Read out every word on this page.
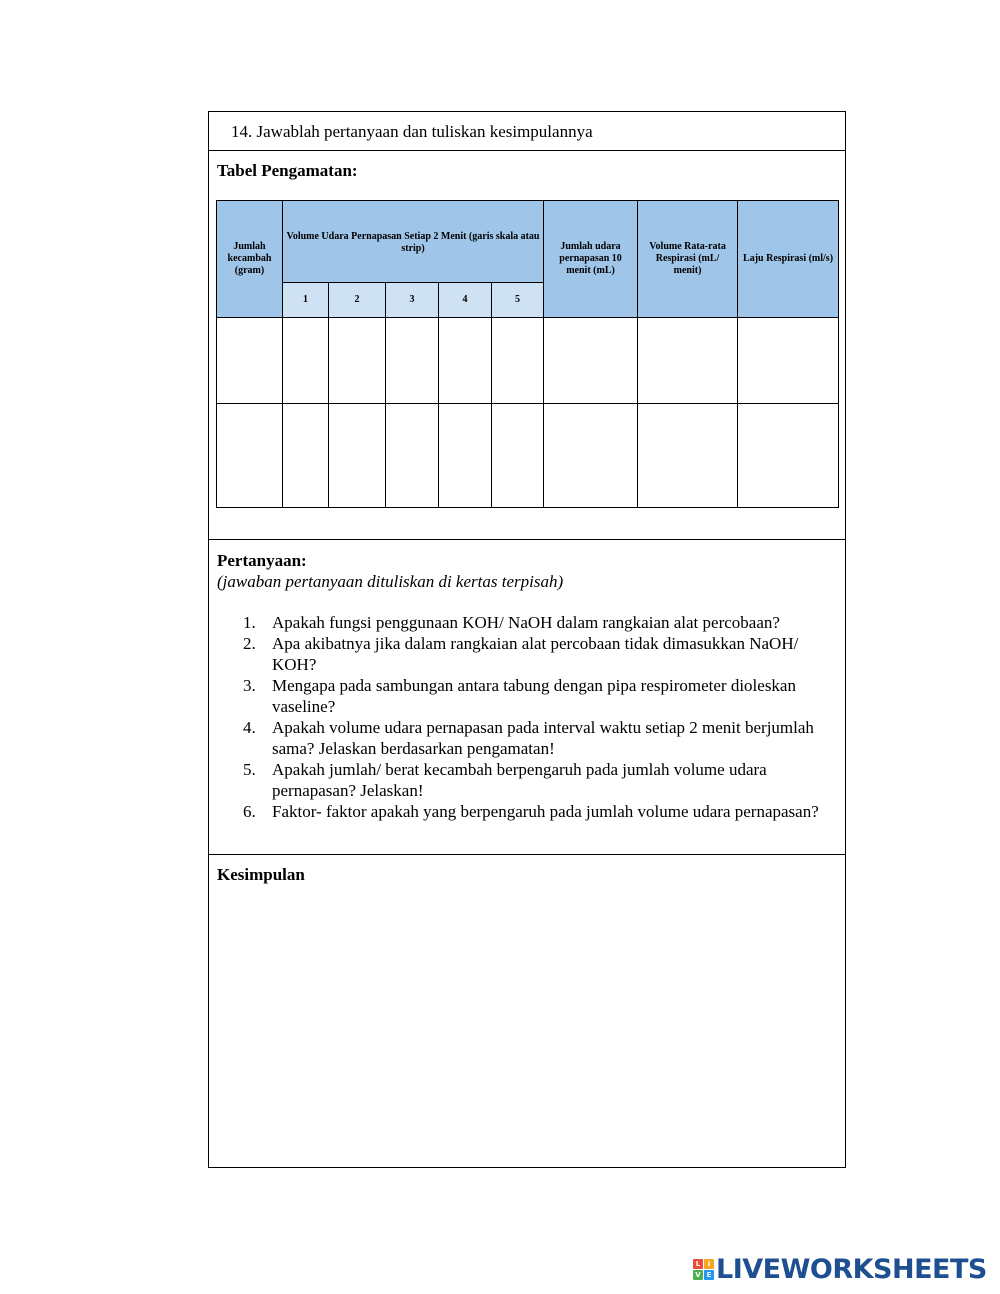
14. Jawablah pertanyaan dan tuliskan kesimpulannya
Tabel Pengamatan:
Jumlah kecambah (gram)	Volume Udara Pernapasan Setiap 2 Menit (garis skala atau strip)					Jumlah udara pernapasan 10 menit (mL)	Volume Rata-rata Respirasi (mL/ menit)	Laju Respirasi (ml/s)
	1	2	3	4	5			

Pertanyaan:
(jawaban pertanyaan dituliskan di kertas terpisah)
1. Apakah fungsi penggunaan KOH/ NaOH dalam rangkaian alat percobaan?
2. Apa akibatnya jika dalam rangkaian alat percobaan tidak dimasukkan NaOH/ KOH?
3. Mengapa pada sambungan antara tabung dengan pipa respirometer dioleskan vaseline?
4. Apakah volume udara pernapasan pada interval waktu setiap 2 menit berjumlah sama? Jelaskan berdasarkan pengamatan!
5. Apakah jumlah/ berat kecambah berpengaruh pada jumlah volume udara pernapasan? Jelaskan!
6. Faktor- faktor apakah yang berpengaruh pada jumlah volume udara pernapasan?
Kesimpulan
L	I
V E LIVEWORKSHEETS
